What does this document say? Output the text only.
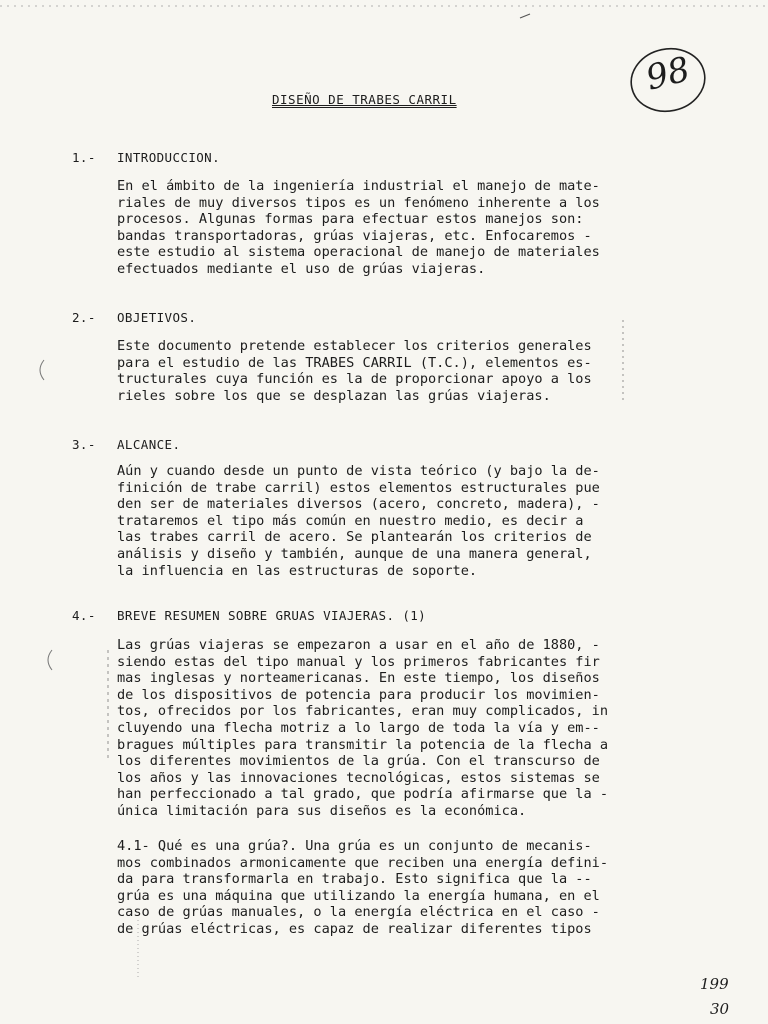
DISEÑO DE TRABES CARRIL
98
1.- INTRODUCCION.
En el ámbito de la ingeniería industrial el manejo de mate-
riales de muy diversos tipos es un fenómeno inherente a los
procesos. Algunas formas para efectuar estos manejos son:
bandas transportadoras, grúas viajeras, etc. Enfocaremos -
este estudio al sistema operacional de manejo de materiales
efectuados mediante el uso de grúas viajeras.
2.- OBJETIVOS.
Este documento pretende establecer los criterios generales
para el estudio de las TRABES CARRIL (T.C.), elementos es-
tructurales cuya función es la de proporcionar apoyo a los
rieles sobre los que se desplazan las grúas viajeras.
3.- ALCANCE.
Aún y cuando desde un punto de vista teórico (y bajo la de-
finición de trabe carril) estos elementos estructurales pue
den ser de materiales diversos (acero, concreto, madera), -
trataremos el tipo más común en nuestro medio, es decir a
las trabes carril de acero. Se plantearán los criterios de
análisis y diseño y también, aunque de una manera general,
la influencia en las estructuras de soporte.
4.- BREVE RESUMEN SOBRE GRUAS VIAJERAS. (1)
Las grúas viajeras se empezaron a usar en el año de 1880, -
siendo estas del tipo manual y los primeros fabricantes fir
mas inglesas y norteamericanas. En este tiempo, los diseños
de los dispositivos de potencia para producir los movimien-
tos, ofrecidos por los fabricantes, eran muy complicados, in
cluyendo una flecha motriz a lo largo de toda la vía y em--
bragues múltiples para transmitir la potencia de la flecha a
los diferentes movimientos de la grúa. Con el transcurso de
los años y las innovaciones tecnológicas, estos sistemas se
han perfeccionado a tal grado, que podría afirmarse que la -
única limitación para sus diseños es la económica.
4.1- Qué es una grúa?. Una grúa es un conjunto de mecanis-
mos combinados armonicamente que reciben una energía defini-
da para transformarla en trabajo. Esto significa que la --
grúa es una máquina que utilizando la energía humana, en el
caso de grúas manuales, o la energía eléctrica en el caso -
de grúas eléctricas, es capaz de realizar diferentes tipos
199
30
